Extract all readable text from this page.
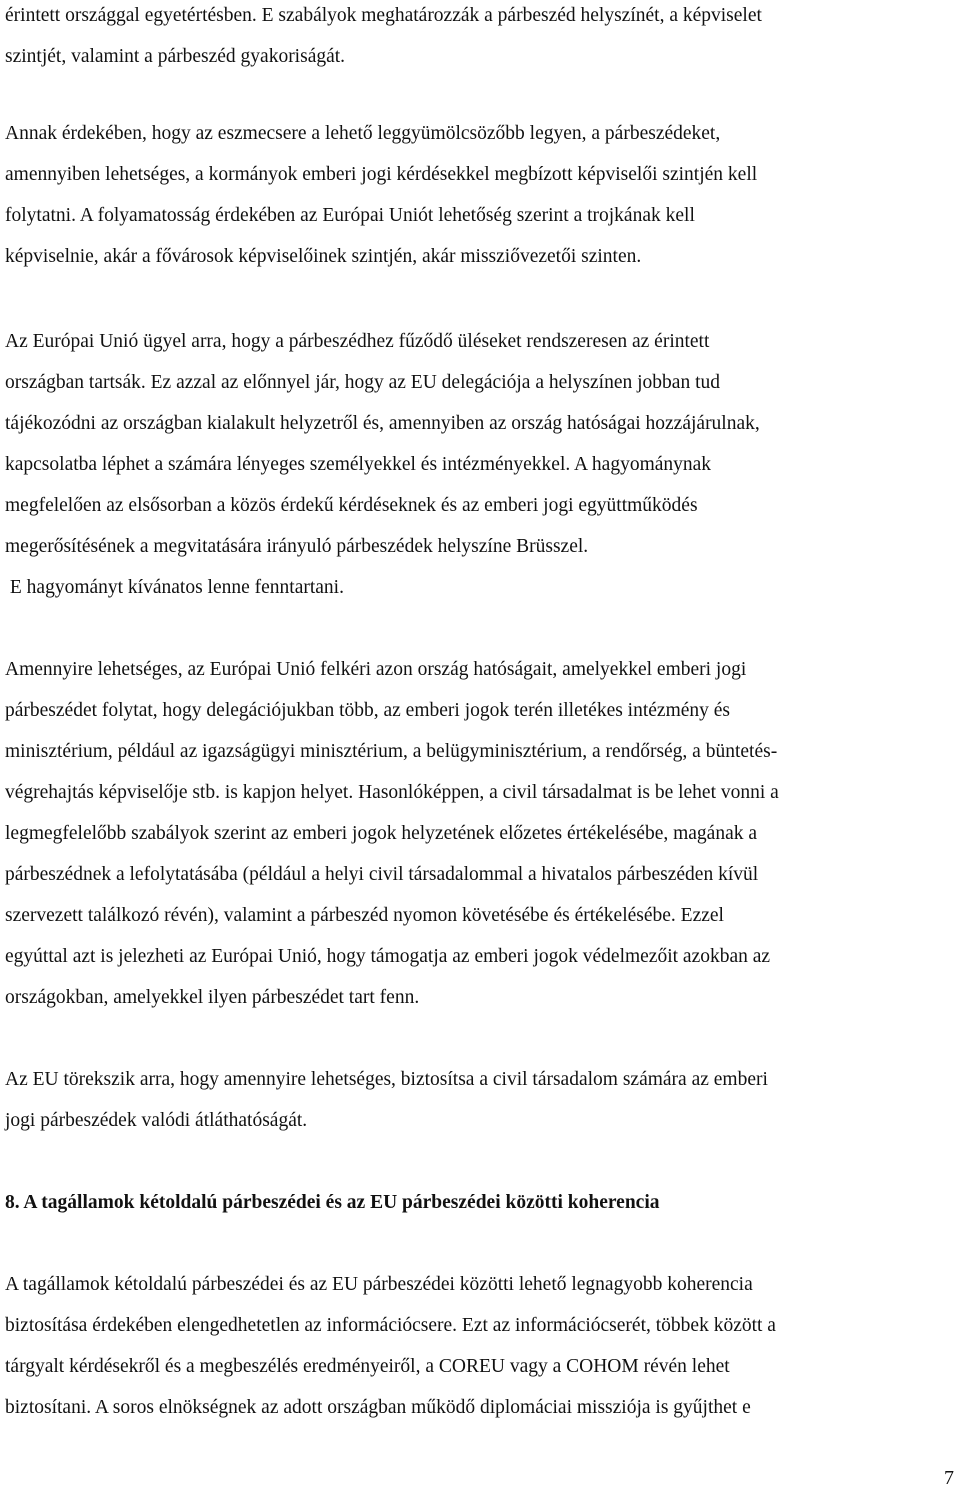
érintett országgal egyetértésben. E szabályok meghatározzák a párbeszéd helyszínét, a képviselet
szintjét, valamint a párbeszéd gyakoriságát.

Annak érdekében, hogy az eszmecsere a lehető leggyümölcsözőbb legyen, a párbeszédeket,
amennyiben lehetséges, a kormányok emberi jogi kérdésekkel megbízott képviselői szintjén kell
folytatni. A folyamatosság érdekében az Európai Uniót lehetőség szerint a trojkának kell
képviselnie, akár a fővárosok képviselőinek szintjén, akár missziővezetői szinten.

Az Európai Unió ügyel arra, hogy a párbeszédhez fűződő üléseket rendszeresen az érintett
országban tartsák. Ez azzal az előnnyel jár, hogy az EU delegációja a helyszínen jobban tud
tájékozódni az országban kialakult helyzetről és, amennyiben az ország hatóságai hozzájárulnak,
kapcsolatba léphet a számára lényeges személyekkel és intézményekkel. A hagyománynak
megfelelően az elsősorban a közös érdekű kérdéseknek és az emberi jogi együttműködés
megerősítésének a megvitatására irányuló párbeszédek helyszíne Brüsszel.
E hagyományt kívánatos lenne fenntartani.

Amennyire lehetséges, az Európai Unió felkéri azon ország hatóságait, amelyekkel emberi jogi
párbeszédet folytat, hogy delegációjukban több, az emberi jogok terén illetékes intézmény és
minisztérium, például az igazságügyi minisztérium, a belügyminisztérium, a rendőrség, a büntetés-
végrehajtás képviselője stb. is kapjon helyet. Hasonlóképpen, a civil társadalmat is be lehet vonni a
legmegfelelőbb szabályok szerint az emberi jogok helyzetének előzetes értékelésébe, magának a
párbeszédnek a lefolytatásába (például a helyi civil társadalommal a hivatalos párbeszéden kívül
szervezett találkozó révén), valamint a párbeszéd nyomon követésébe és értékelésébe. Ezzel
egyúttal azt is jelezheti az Európai Unió, hogy támogatja az emberi jogok védelmezőit azokban az
országokban, amelyekkel ilyen párbeszédet tart fenn.

Az EU törekszik arra, hogy amennyire lehetséges, biztosítsa a civil társadalom számára az emberi
jogi párbeszédek valódi átláthatóságát.

8. A tagállamok kétoldalú párbeszédei és az EU párbeszédei közötti koherencia

A tagállamok kétoldalú párbeszédei és az EU párbeszédei közötti lehető legnagyobb koherencia
biztosítása érdekében elengedhetetlen az információcsere. Ezt az információcserét, többek között a
tárgyalt kérdésekről és a megbeszélés eredményeiről, a COREU vagy a COHOM révén lehet
biztosítani. A soros elnökségnek az adott országban működő diplomáciai missziója is gyűjthet e

7
